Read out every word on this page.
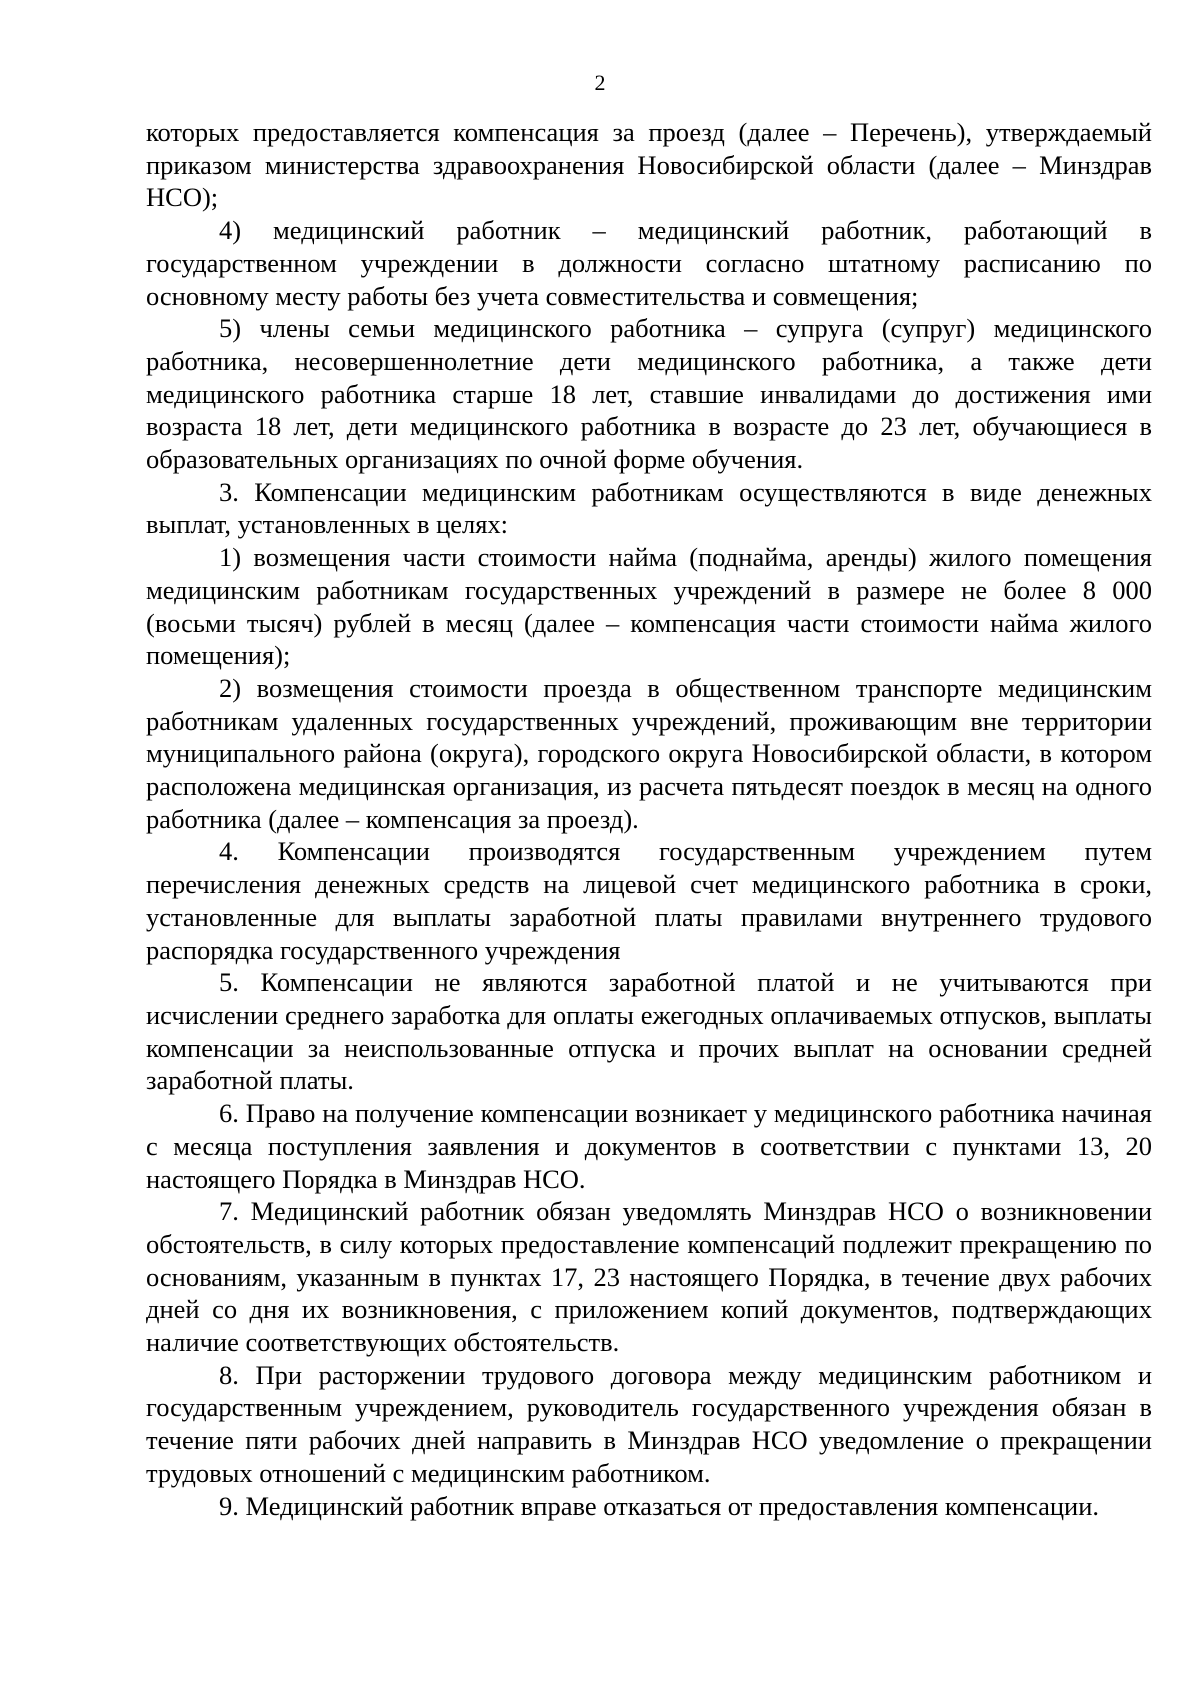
2

которых предоставляется компенсация за проезд (далее – Перечень), утверждаемый приказом министерства здравоохранения Новосибирской области (далее – Минздрав НСО);

4) медицинский работник – медицинский работник, работающий в государственном учреждении в должности согласно штатному расписанию по основному месту работы без учета совместительства и совмещения;

5) члены семьи медицинского работника – супруга (супруг) медицинского работника, несовершеннолетние дети медицинского работника, а также дети медицинского работника старше 18 лет, ставшие инвалидами до достижения ими возраста 18 лет, дети медицинского работника в возрасте до 23 лет, обучающиеся в образовательных организациях по очной форме обучения.

3. Компенсации медицинским работникам осуществляются в виде денежных выплат, установленных в целях:

1) возмещения части стоимости найма (поднайма, аренды) жилого помещения медицинским работникам государственных учреждений в размере не более 8 000 (восьми тысяч) рублей в месяц (далее – компенсация части стоимости найма жилого помещения);

2) возмещения стоимости проезда в общественном транспорте медицинским работникам удаленных государственных учреждений, проживающим вне территории муниципального района (округа), городского округа Новосибирской области, в котором расположена медицинская организация, из расчета пятьдесят поездок в месяц на одного работника (далее – компенсация за проезд).

4. Компенсации производятся государственным учреждением путем перечисления денежных средств на лицевой счет медицинского работника в сроки, установленные для выплаты заработной платы правилами внутреннего трудового распорядка государственного учреждения

5. Компенсации не являются заработной платой и не учитываются при исчислении среднего заработка для оплаты ежегодных оплачиваемых отпусков, выплаты компенсации за неиспользованные отпуска и прочих выплат на основании средней заработной платы.

6. Право на получение компенсации возникает у медицинского работника начиная с месяца поступления заявления и документов в соответствии с пунктами 13, 20 настоящего Порядка в Минздрав НСО.

7. Медицинский работник обязан уведомлять Минздрав НСО о возникновении обстоятельств, в силу которых предоставление компенсаций подлежит прекращению по основаниям, указанным в пунктах 17, 23 настоящего Порядка, в течение двух рабочих дней со дня их возникновения, с приложением копий документов, подтверждающих наличие соответствующих обстоятельств.

8. При расторжении трудового договора между медицинским работником и государственным учреждением, руководитель государственного учреждения обязан в течение пяти рабочих дней направить в Минздрав НСО уведомление о прекращении трудовых отношений с медицинским работником.

9. Медицинский работник вправе отказаться от предоставления компенсации.
